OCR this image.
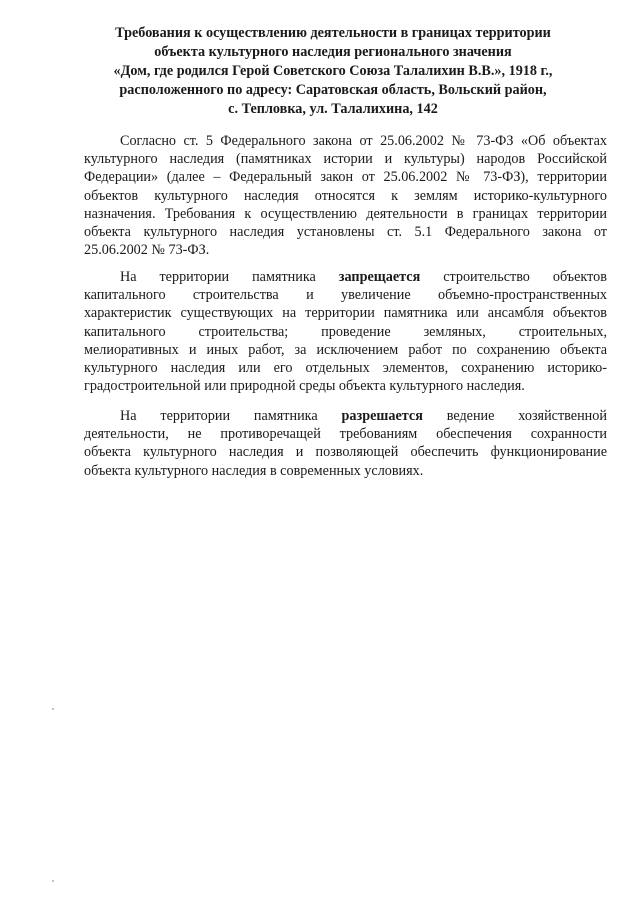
Требования к осуществлению деятельности в границах территории
объекта культурного наследия регионального значения
«Дом, где родился Герой Советского Союза Талалихин В.В.», 1918 г.,
расположенного по адресу: Саратовская область, Вольский район,
с. Тепловка, ул. Талалихина, 142
Согласно ст. 5 Федерального закона от 25.06.2002 № 73-ФЗ «Об объектах
культурного наследия (памятниках истории и культуры) народов Российской
Федерации» (далее – Федеральный закон от 25.06.2002 № 73-ФЗ), территории
объектов культурного наследия относятся к землям историко-культурного
назначения. Требования к осуществлению деятельности в границах территории
объекта культурного наследия установлены ст. 5.1 Федерального закона от
25.06.2002 № 73-ФЗ.
На территории памятника запрещается строительство объектов
капитального строительства и увеличение объемно-пространственных
характеристик существующих на территории памятника или ансамбля объектов
капитального строительства; проведение земляных, строительных,
мелиоративных и иных работ, за исключением работ по сохранению объекта
культурного наследия или его отдельных элементов, сохранению историко-
градостроительной или природной среды объекта культурного наследия.
На территории памятника разрешается ведение хозяйственной
деятельности, не противоречащей требованиям обеспечения сохранности
объекта культурного наследия и позволяющей обеспечить функционирование
объекта культурного наследия в современных условиях.
